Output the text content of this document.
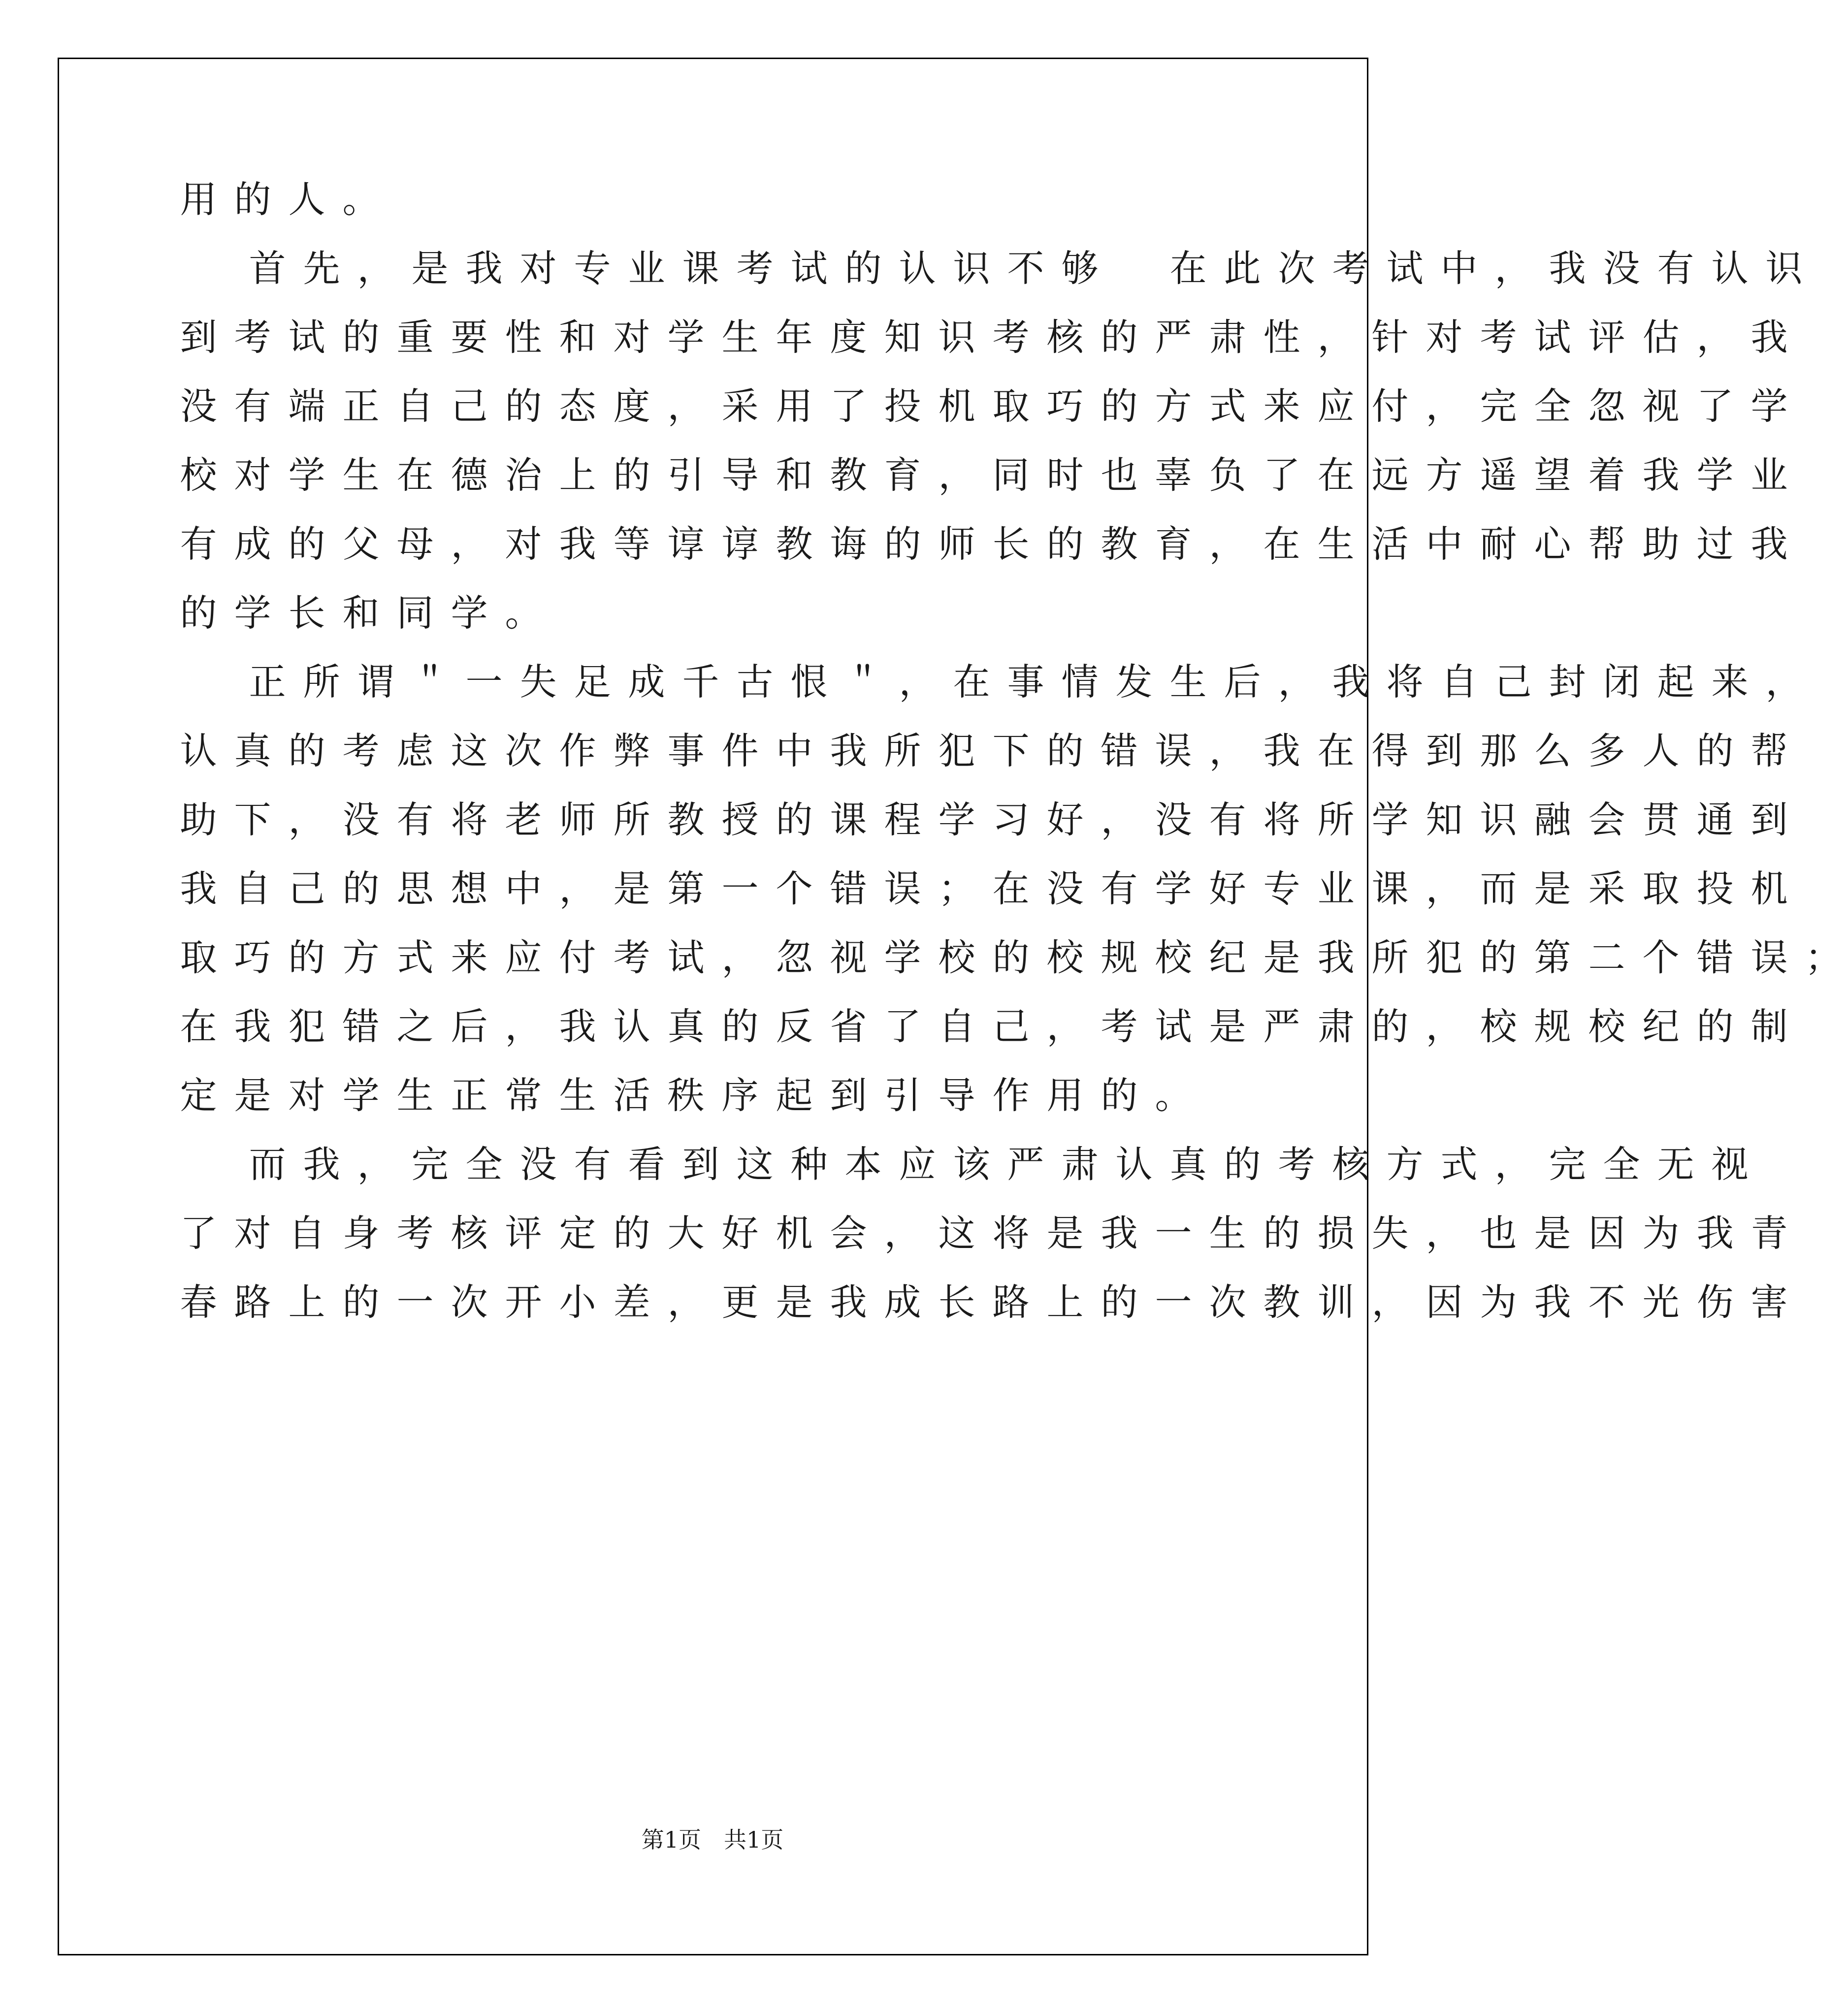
用 的 人 。
首 先 ， 是 我 对 专 业 课 考 试 的 认 识 不 够 在 此 次 考 试 中 ， 我 没 有 认 识
到 考 试 的 重 要 性 和 对 学 生 年 度 知 识 考 核 的 严 肃 性 ， 针 对 考 试 评 估 ， 我
没 有 端 正 自 己 的 态 度 ， 采 用 了 投 机 取 巧 的 方 式 来 应 付 ， 完 全 忽 视 了 学
校 对 学 生 在 德 治 上 的 引 导 和 教 育 ， 同 时 也 辜 负 了 在 远 方 遥 望 着 我 学 业
有 成 的 父 母 ， 对 我 等 谆 谆 教 诲 的 师 长 的 教 育 ， 在 生 活 中 耐 心 帮 助 过 我
的 学 长 和 同 学 。
正 所 谓 ＂ 一 失 足 成 千 古 恨 ＂ ， 在 事 情 发 生 后 ， 我 将 自 己 封 闭 起 来 ，
认 真 的 考 虑 这 次 作 弊 事 件 中 我 所 犯 下 的 错 误 ， 我 在 得 到 那 么 多 人 的 帮
助 下 ， 没 有 将 老 师 所 教 授 的 课 程 学 习 好 ， 没 有 将 所 学 知 识 融 会 贯 通 到
我 自 己 的 思 想 中 ， 是 第 一 个 错 误 ； 在 没 有 学 好 专 业 课 ， 而 是 采 取 投 机
取 巧 的 方 式 来 应 付 考 试 ， 忽 视 学 校 的 校 规 校 纪 是 我 所 犯 的 第 二 个 错 误 ；
在 我 犯 错 之 后 ， 我 认 真 的 反 省 了 自 己 ， 考 试 是 严 肃 的 ， 校 规 校 纪 的 制
定 是 对 学 生 正 常 生 活 秩 序 起 到 引 导 作 用 的 。
而 我 ， 完 全 没 有 看 到 这 种 本 应 该 严 肃 认 真 的 考 核 方 式 ， 完 全 无 视
了 对 自 身 考 核 评 定 的 大 好 机 会 ， 这 将 是 我 一 生 的 损 失 ， 也 是 因 为 我 青
春 路 上 的 一 次 开 小 差 ， 更 是 我 成 长 路 上 的 一 次 教 训 ， 因 为 我 不 光 伤 害
第1页　共1页
